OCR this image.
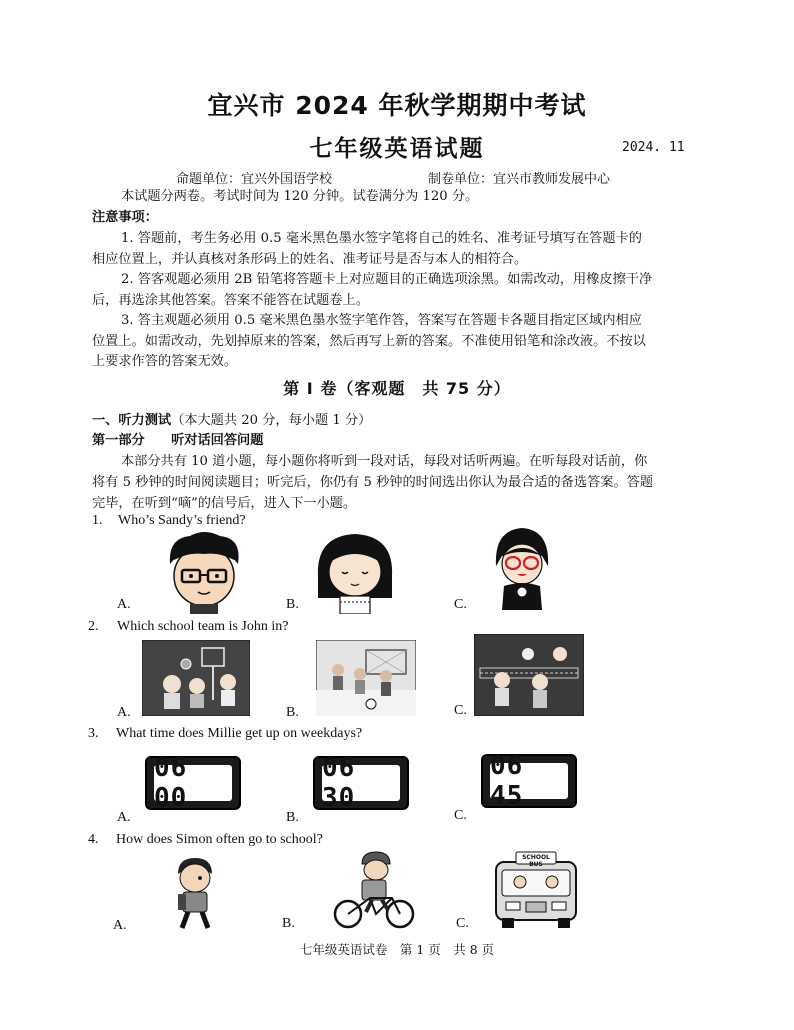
宜兴市 2024 年秋学期期中考试
七年级英语试题	2024. 11
命题单位：宜兴外国语学校	制卷单位：宜兴市教师发展中心
本试题分两卷。考试时间为 120 分钟。试卷满分为 120 分。
注意事项：
1. 答题前，考生务必用 0.5 毫米黑色墨水签字笔将自己的姓名、准考证号填写在答题卡的
相应位置上，并认真核对条形码上的姓名、准考证号是否与本人的相符合。
2. 答客观题必须用 2B 铅笔将答题卡上对应题目的正确选项涂黑。如需改动，用橡皮擦干净
后，再选涂其他答案。答案不能答在试题卷上。
3. 答主观题必须用 0.5 毫米黑色墨水签字笔作答，答案写在答题卡各题目指定区域内相应
位置上。如需改动，先划掉原来的答案，然后再写上新的答案。不准使用铅笔和涂改液。不按以
上要求作答的答案无效。
第 I 卷（客观题　共 75 分）
一、听力测试（本大题共 20 分，每小题 1 分）
第一部分　　听对话回答问题
本部分共有 10 道小题，每小题你将听到一段对话，每段对话听两遍。在听每段对话前，你
将有 5 秒钟的时间阅读题目；听完后，你仍有 5 秒钟的时间选出你认为最合适的备选答案。答题
完毕，在听到“嘀”的信号后，进入下一小题。
1. Who’s Sandy’s friend?
A.	B.	C.
2. Which school team is John in?
A.	B.	C.
3. What time does Millie get up on weekdays?
06 00
06 30
06 45
A.	B.	C.
4. How does Simon often go to school?
SCHOOL BUS
A.	B.	C.
七年级英语试卷　第 1 页　共 8 页
